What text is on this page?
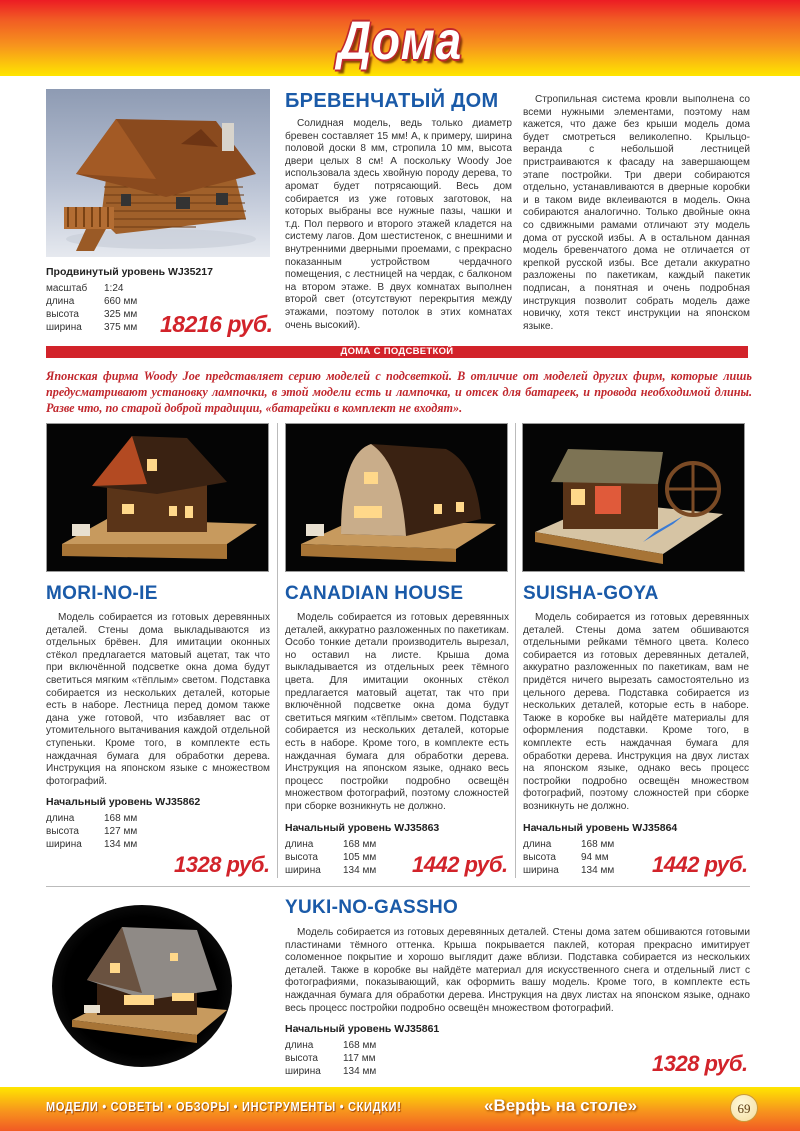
Дома
БРЕВЕНЧАТЫЙ ДОМ
Солидная модель, ведь только диаметр бревен составляет 15 мм! А, к примеру, ширина половой доски 8 мм, стропила 10 мм, высота двери целых 8 см! А поскольку Woody Joe использовала здесь хвойную породу дерева, то аромат будет потрясающий. Весь дом собирается из уже готовых заготовок, на которых выбраны все нужные пазы, чашки и т.д. Пол первого и второго этажей кладется на систему лагов. Дом шестистенок, с внешними и внутренними дверными проемами, с прекрасно показанным устройством чердачного помещения, с лестницей на чердак, с балконом на втором этаже. В двух комнатах выполнен второй свет (отсутствуют перекрытия между этажами, поэтому потолок в этих комнатах очень высокий).
Стропильная система кровли выполнена со всеми нужными элементами, поэтому нам кажется, что даже без крыши модель дома будет смотреться великолепно. Крыльцо-веранда с небольшой лестницей пристраиваются к фасаду на завершающем этапе постройки. Три двери собираются отдельно, устанавливаются в дверные коробки и в таком виде вклеиваются в модель. Окна собираются аналогично. Только двойные окна со сдвижными рамами отличают эту модель дома от русской избы. А в остальном данная модель бревенчатого дома не отличается от крепкой русской избы. Все детали аккуратно разложены по пакетикам, каждый пакетик подписан, а понятная и очень подробная инструкция позволит собрать модель даже новичку, хотя текст инструкции на японском языке.
Продвинутый уровень WJ35217
масштаб	1:24
длина	660 мм
высота	325 мм
ширина	375 мм 18216 руб.
ДОМА С ПОДСВЕТКОЙ
Японская фирма Woody Joe представляет серию моделей с подсветкой. В отличие от моделей других фирм, которые лишь предусматривают установку лампочки, в этой модели есть и лампочка, и отсек для батареек, и провода необходимой длины. Разве что, по старой доброй традиции, «батарейки в комплект не входят».
MORI-NO-IE
Модель собирается из готовых деревянных деталей. Стены дома выкладываются из отдельных брёвен. Для имитации оконных стёкол предлагается матовый ацетат, так что при включённой подсветке окна дома будут светиться мягким «тёплым» светом. Подставка собирается из нескольких деталей, которые есть в наборе. Лестница перед домом также дана уже готовой, что избавляет вас от утомительного вытачивания каждой отдельной ступеньки. Кроме того, в комплекте есть наждачная бумага для обработки дерева. Инструкция на японском языке с множеством фотографий.
Начальный уровень WJ35862
длина	168 мм
высота	127 мм
ширина	134 мм
1328 руб.
CANADIAN HOUSE
Модель собирается из готовых деревянных деталей, аккуратно разложенных по пакетикам. Особо тонкие детали производитель вырезал, но оставил на листе. Крыша дома выкладывается из отдельных реек тёмного цвета. Для имитации оконных стёкол предлагается матовый ацетат, так что при включённой подсветке окна дома будут светиться мягким «тёплым» светом. Подставка собирается из нескольких деталей, которые есть в наборе. Кроме того, в комплекте есть наждачная бумага для обработки дерева. Инструкция на японском языке, однако весь процесс постройки подробно освещён множеством фотографий, поэтому сложностей при сборке возникнуть не должно.
Начальный уровень WJ35863
длина	168 мм
высота	105 мм
ширина	134 мм 1442 руб.
SUISHA-GOYA
Модель собирается из готовых деревянных деталей. Стены дома затем обшиваются отдельными рейками тёмного цвета. Колесо собирается из готовых деревянных деталей, аккуратно разложенных по пакетикам, вам не придётся ничего вырезать самостоятельно из цельного дерева. Подставка собирается из нескольких деталей, которые есть в наборе. Также в коробке вы найдёте материалы для оформления подставки. Кроме того, в комплекте есть наждачная бумага для обработки дерева. Инструкция на двух листах на японском языке, однако весь процесс постройки подробно освещён множеством фотографий, поэтому сложностей при сборке возникнуть не должно.
Начальный уровень WJ35864
длина	168 мм
высота	94 мм
ширина	134 мм 1442 руб.
YUKI-NO-GASSHO
Модель собирается из готовых деревянных деталей. Стены дома затем обшиваются готовыми пластинами тёмного оттенка. Крыша покрывается паклей, которая прекрасно имитирует соломенное покрытие и хорошо выглядит даже вблизи. Подставка собирается из нескольких деталей. Также в коробке вы найдёте материал для искусственного снега и отдельный лист с фотографиями, показывающий, как оформить вашу модель. Кроме того, в комплекте есть наждачная бумага для обработки дерева. Инструкция на двух листах на японском языке, однако весь процесс постройки подробно освещён множеством фотографий.
Начальный уровень WJ35861
длина	168 мм
высота	117 мм
ширина	134 мм	1328 руб.
МОДЕЛИ • СОВЕТЫ • ОБЗОРЫ • ИНСТРУМЕНТЫ • СКИДКИ!	«Верфь на столе»	69
